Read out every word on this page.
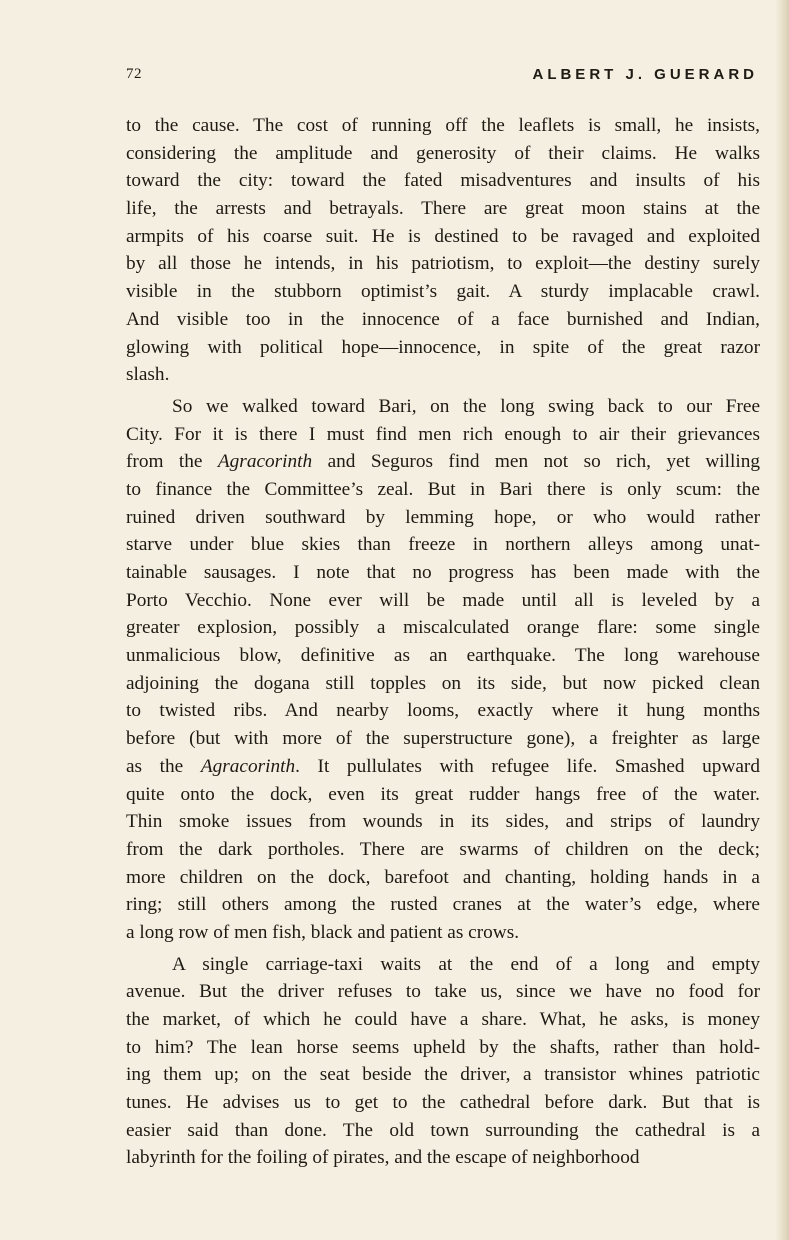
72	ALBERT J. GUERARD
to the cause. The cost of running off the leaflets is small, he insists,
considering the amplitude and generosity of their claims. He walks
toward the city: toward the fated misadventures and insults of his
life, the arrests and betrayals. There are great moon stains at the
armpits of his coarse suit. He is destined to be ravaged and exploited
by all those he intends, in his patriotism, to exploit—the destiny surely
visible in the stubborn optimist’s gait. A sturdy implacable crawl.
And visible too in the innocence of a face burnished and Indian,
glowing with political hope—innocence, in spite of the great razor
slash.
So we walked toward Bari, on the long swing back to our Free
City. For it is there I must find men rich enough to air their grievances
from the Agracorinth and Seguros find men not so rich, yet willing
to finance the Committee’s zeal. But in Bari there is only scum: the
ruined driven southward by lemming hope, or who would rather
starve under blue skies than freeze in northern alleys among unat-
tainable sausages. I note that no progress has been made with the
Porto Vecchio. None ever will be made until all is leveled by a
greater explosion, possibly a miscalculated orange flare: some single
unmalicious blow, definitive as an earthquake. The long warehouse
adjoining the dogana still topples on its side, but now picked clean
to twisted ribs. And nearby looms, exactly where it hung months
before (but with more of the superstructure gone), a freighter as large
as the Agracorinth. It pullulates with refugee life. Smashed upward
quite onto the dock, even its great rudder hangs free of the water.
Thin smoke issues from wounds in its sides, and strips of laundry
from the dark portholes. There are swarms of children on the deck;
more children on the dock, barefoot and chanting, holding hands in a
ring; still others among the rusted cranes at the water’s edge, where
a long row of men fish, black and patient as crows.
A single carriage-taxi waits at the end of a long and empty
avenue. But the driver refuses to take us, since we have no food for
the market, of which he could have a share. What, he asks, is money
to him? The lean horse seems upheld by the shafts, rather than hold-
ing them up; on the seat beside the driver, a transistor whines patriotic
tunes. He advises us to get to the cathedral before dark. But that is
easier said than done. The old town surrounding the cathedral is a
labyrinth for the foiling of pirates, and the escape of neighborhood
